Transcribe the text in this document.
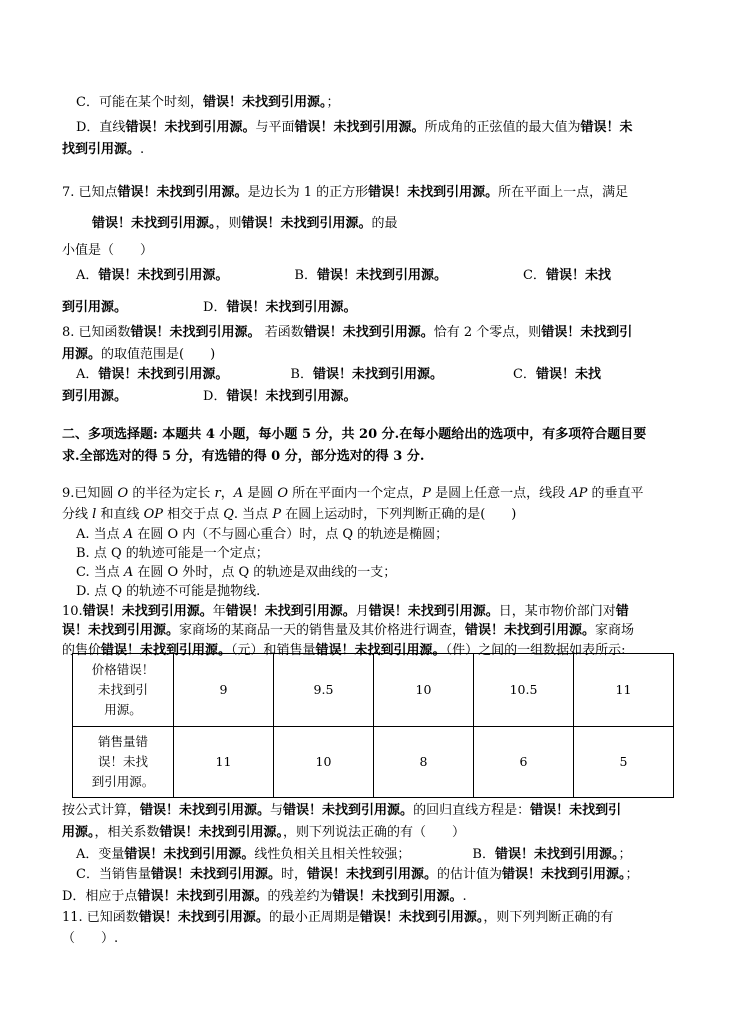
C．可能在某个时刻，错误！未找到引用源。；
D．直线错误！未找到引用源。与平面错误！未找到引用源。所成角的正弦值的最大值为错误！未
找到引用源。.
7. 已知点错误！未找到引用源。是边长为 1 的正方形错误！未找到引用源。所在平面上一点，满足
错误！未找到引用源。，则错误！未找到引用源。的最
小值是（　　）
A．错误！未找到引用源。	B．错误！未找到引用源。	C．错误！未找
到引用源。	D．错误！未找到引用源。
8. 已知函数错误！未找到引用源。 若函数错误！未找到引用源。恰有 2 个零点，则错误！未找到引
用源。的取值范围是(　　)
A．错误！未找到引用源。	B．错误！未找到引用源。	C．错误！未找
到引用源。	D．错误！未找到引用源。
二、多项选择题: 本题共 4 小题，每小题 5 分，共 20 分.在每小题给出的选项中，有多项符合题目要
求.全部选对的得 5 分，有选错的得 0 分，部分选对的得 3 分.
9.已知圆 O 的半径为定长 r，A 是圆 O 所在平面内一个定点，P 是圆上任意一点，线段 AP 的垂直平
分线 l 和直线 OP 相交于点 Q. 当点 P 在圆上运动时，下列判断正确的是(　　)
A. 当点 A 在圆 O 内（不与圆心重合）时，点 Q 的轨迹是椭圆；
B. 点 Q 的轨迹可能是一个定点；
C. 当点 A 在圆 O 外时，点 Q 的轨迹是双曲线的一支；
D. 点 Q 的轨迹不可能是抛物线.
10.错误！未找到引用源。年错误！未找到引用源。月错误！未找到引用源。日，某市物价部门对错
误！未找到引用源。家商场的某商品一天的销售量及其价格进行调查，错误！未找到引用源。家商场
的售价错误！未找到引用源。（元）和销售量错误！未找到引用源。（件）之间的一组数据如表所示:
价格错误！
未找到引
用源。	9	9.5	10	10.5	11

销售量错
误！未找
到引用源。	11	10	8	6	5
按公式计算，错误！未找到引用源。与错误！未找到引用源。的回归直线方程是：错误！未找到引
用源。，相关系数错误！未找到引用源。，则下列说法正确的有（　　）
A．变量错误！未找到引用源。线性负相关且相关性较强；	B．错误！未找到引用源。；
C．当销售量错误！未找到引用源。时，错误！未找到引用源。的估计值为错误！未找到引用源。；
D．相应于点错误！未找到引用源。的残差约为错误！未找到引用源。.
11. 已知函数错误！未找到引用源。的最小正周期是错误！未找到引用源。，则下列判断正确的有
（　　）.
